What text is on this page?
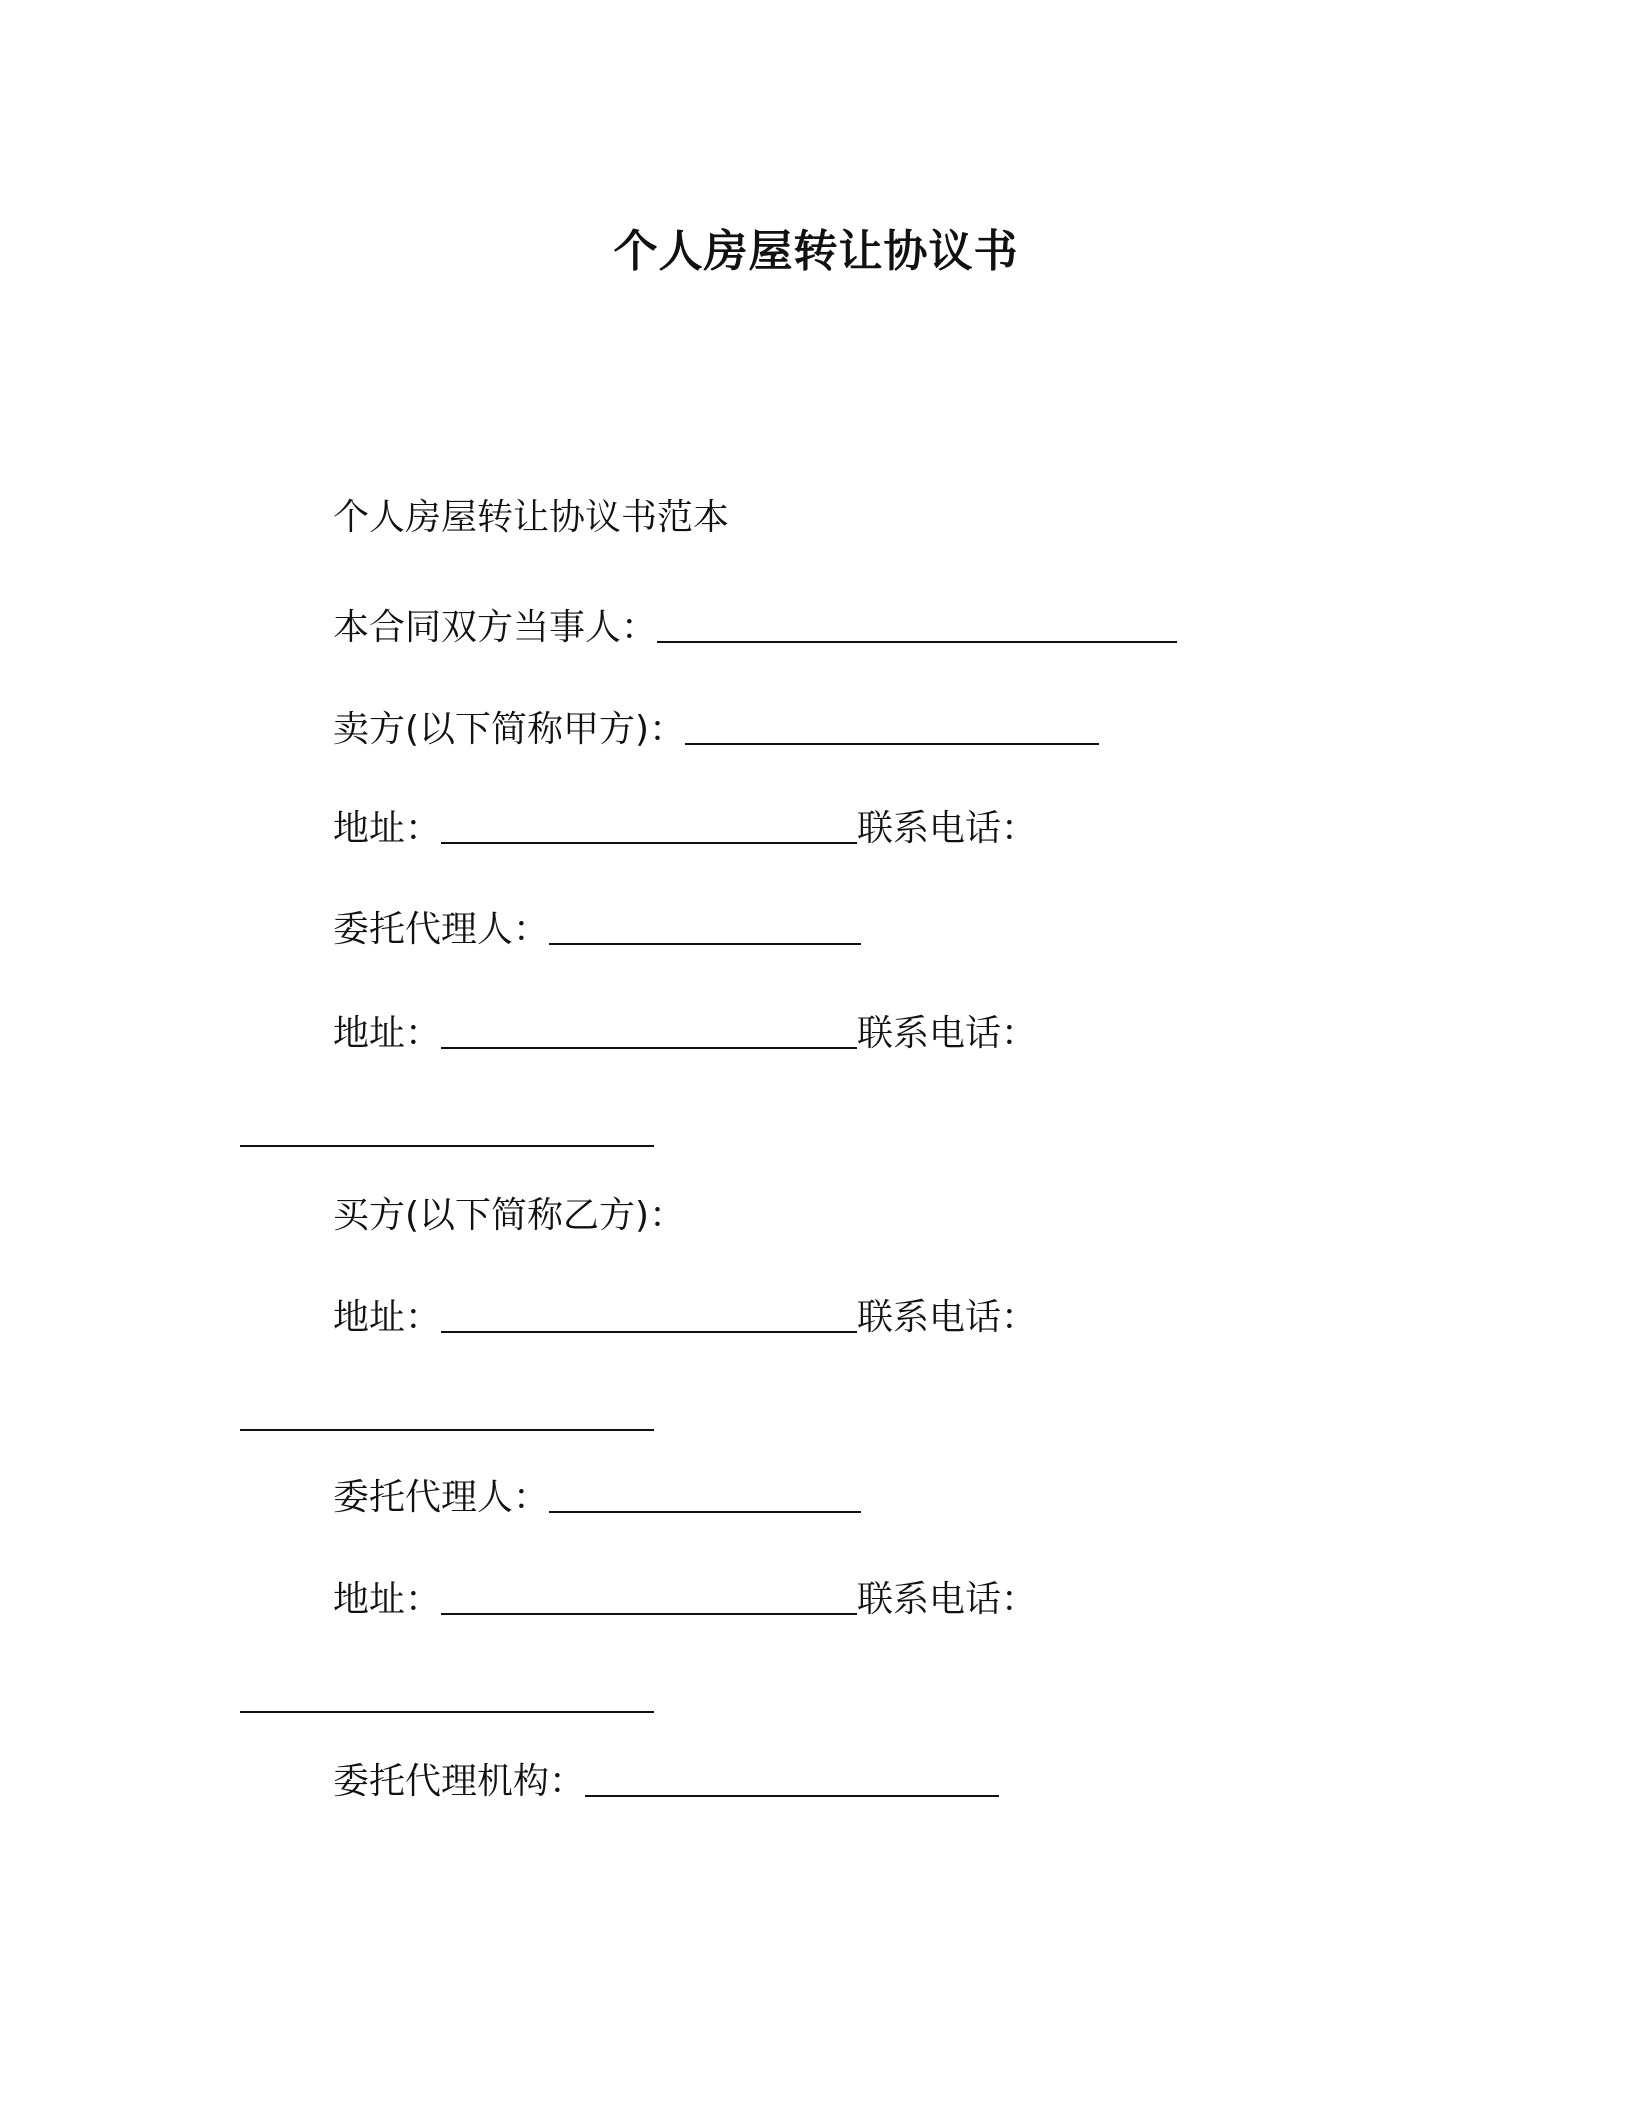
个人房屋转让协议书
个人房屋转让协议书范本
本合同双方当事人：
卖方(以下简称甲方)：
地址：	联系电话：
委托代理人：
地址：	联系电话：
买方(以下简称乙方)：
地址：	联系电话：
委托代理人：
地址：	联系电话：
委托代理机构：
